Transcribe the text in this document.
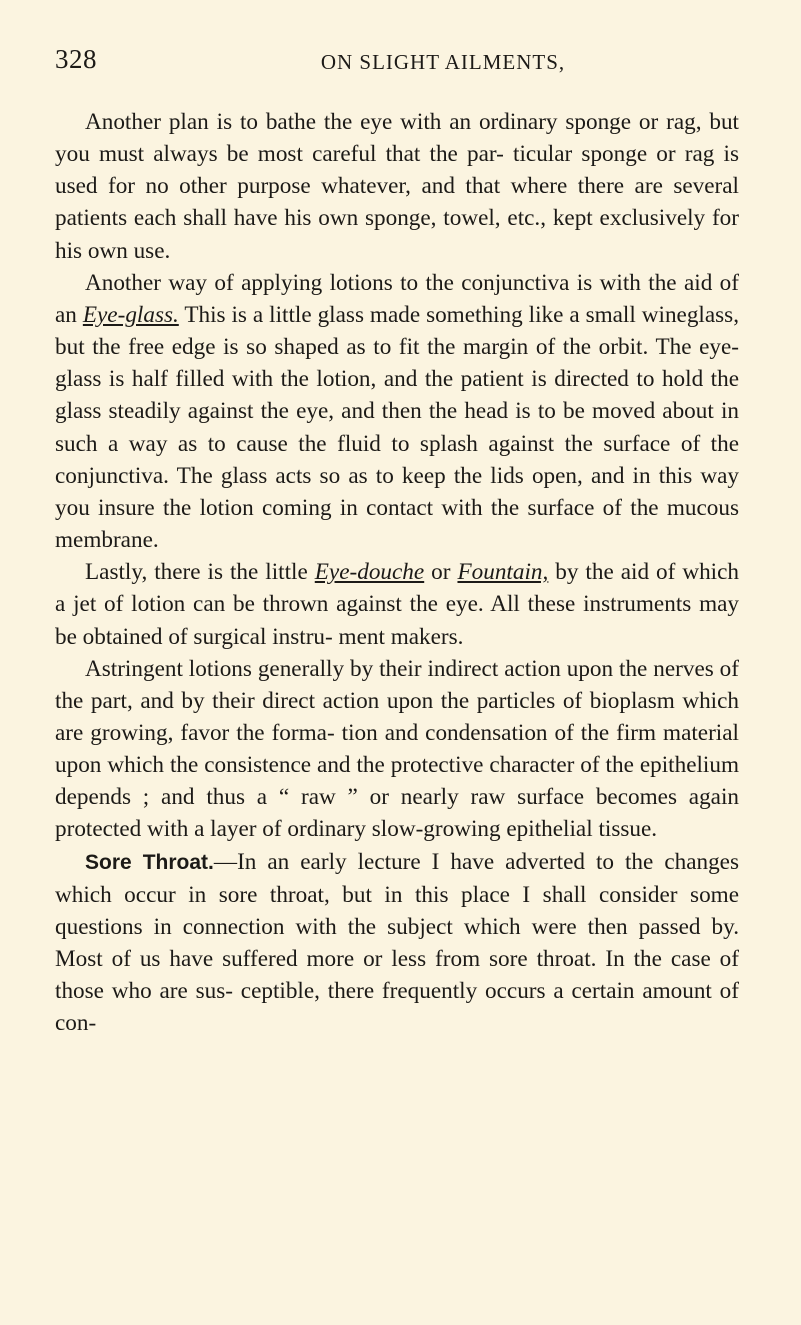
328	ON SLIGHT AILMENTS,

Another plan is to bathe the eye with an ordinary sponge or rag, but you must always be most careful that the par- ticular sponge or rag is used for no other purpose whatever, and that where there are several patients each shall have his own sponge, towel, etc., kept exclusively for his own use.

Another way of applying lotions to the conjunctiva is with the aid of an Eye-glass. This is a little glass made something like a small wineglass, but the free edge is so shaped as to fit the margin of the orbit. The eye-glass is half filled with the lotion, and the patient is directed to hold the glass steadily against the eye, and then the head is to be moved about in such a way as to cause the fluid to splash against the surface of the conjunctiva. The glass acts so as to keep the lids open, and in this way you insure the lotion coming in contact with the surface of the mucous membrane.

Lastly, there is the little Eye-douche or Fountain, by the aid of which a jet of lotion can be thrown against the eye. All these instruments may be obtained of surgical instru- ment makers.

Astringent lotions generally by their indirect action upon the nerves of the part, and by their direct action upon the particles of bioplasm which are growing, favor the forma- tion and condensation of the firm material upon which the consistence and the protective character of the epithelium depends ; and thus a “ raw ” or nearly raw surface becomes again protected with a layer of ordinary slow-growing epithelial tissue.

Sore Throat.—In an early lecture I have adverted to the changes which occur in sore throat, but in this place I shall consider some questions in connection with the subject which were then passed by. Most of us have suffered more or less from sore throat. In the case of those who are sus- ceptible, there frequently occurs a certain amount of con-
